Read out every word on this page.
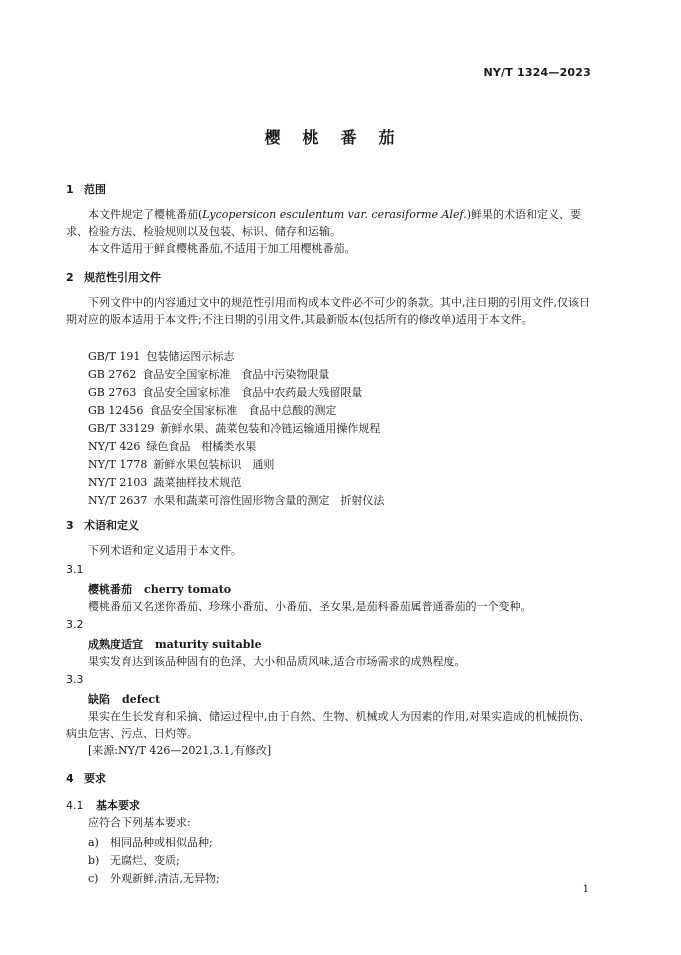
NY/T 1324—2023
樱桃番茄
1 范围
本文件规定了樱桃番茄(Lycopersicon esculentum var. cerasiforme Alef.)鲜果的术语和定义、要求、检验方法、检验规则以及包装、标识、储存和运输。
本文件适用于鲜食樱桃番茄,不适用于加工用樱桃番茄。
2 规范性引用文件
下列文件中的内容通过文中的规范性引用而构成本文件必不可少的条款。其中,注日期的引用文件,仅该日期对应的版本适用于本文件;不注日期的引用文件,其最新版本(包括所有的修改单)适用于本文件。
GB/T 191 包装储运图示标志
GB 2762 食品安全国家标准　食品中污染物限量
GB 2763 食品安全国家标准　食品中农药最大残留限量
GB 12456 食品安全国家标准　食品中总酸的测定
GB/T 33129 新鲜水果、蔬菜包装和冷链运输通用操作规程
NY/T 426 绿色食品　柑橘类水果
NY/T 1778 新鲜水果包装标识　通则
NY/T 2103 蔬菜抽样技术规范
NY/T 2637 水果和蔬菜可溶性固形物含量的测定　折射仪法
3 术语和定义
下列术语和定义适用于本文件。
3.1
樱桃番茄 cherry tomato
樱桃番茄又名迷你番茄、珍珠小番茄、小番茄、圣女果,是茄科番茄属普通番茄的一个变种。
3.2
成熟度适宜 maturity suitable
果实发育达到该品种固有的色泽、大小和品质风味,适合市场需求的成熟程度。
3.3
缺陷 defect
果实在生长发育和采摘、储运过程中,由于自然、生物、机械或人为因素的作用,对果实造成的机械损伤、病虫危害、污点、日灼等。
[来源:NY/T 426—2021,3.1,有修改]
4 要求
4.1 基本要求
应符合下列基本要求:
a) 相同品种或相似品种;
b) 无腐烂、变质;
c) 外观新鲜,清洁,无异物;
1
